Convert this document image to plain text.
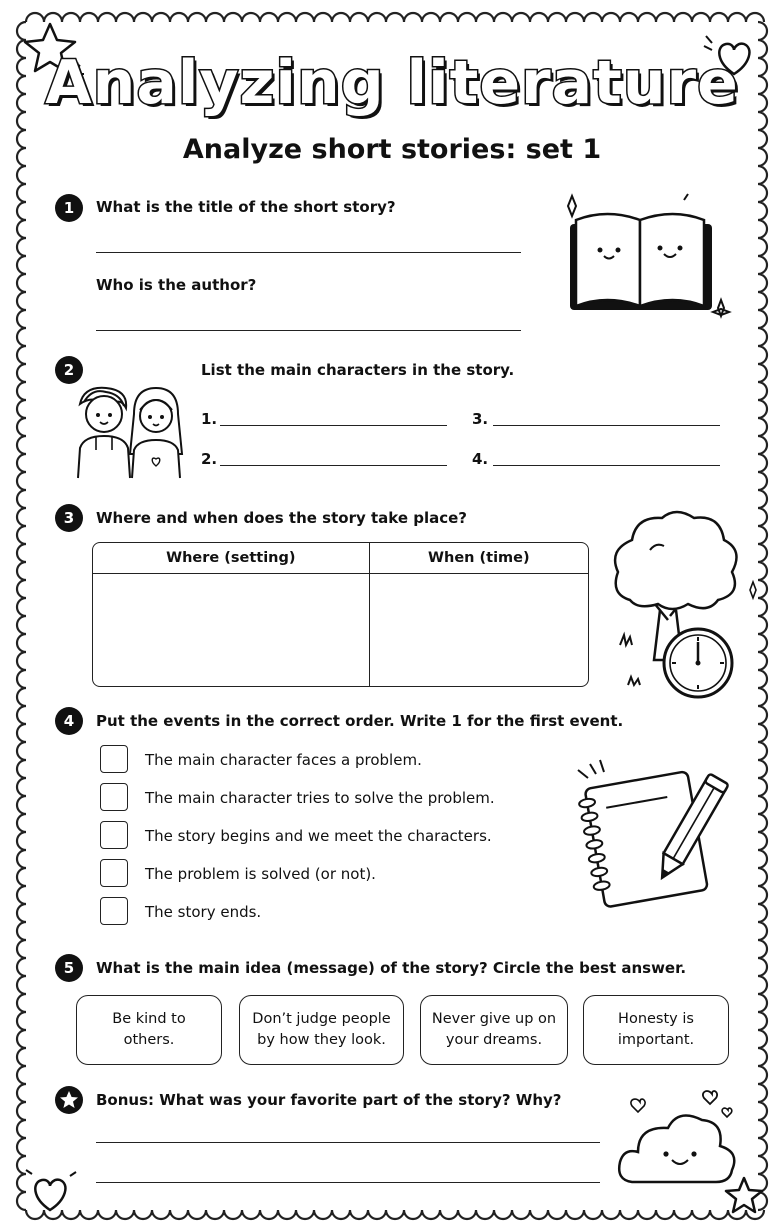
Analyzing literature
Analyze short stories: set 1
1	What is the title of the short story?
Who is the author?
2	List the main characters in the story.
1.
2.
3.
4.
3	Where and when does the story take place?
Where (setting)	When (time)

4	Put the events in the correct order. Write 1 for the first event.
The main character faces a problem.
The main character tries to solve the problem.
The story begins and we meet the characters.
The problem is solved (or not).
The story ends.
5	What is the main idea (message) of the story? Circle the best answer.
Be kind to
others.
Don’t judge people
by how they look.
Never give up on
your dreams.
Honesty is
important.
Bonus: What was your favorite part of the story? Why?
